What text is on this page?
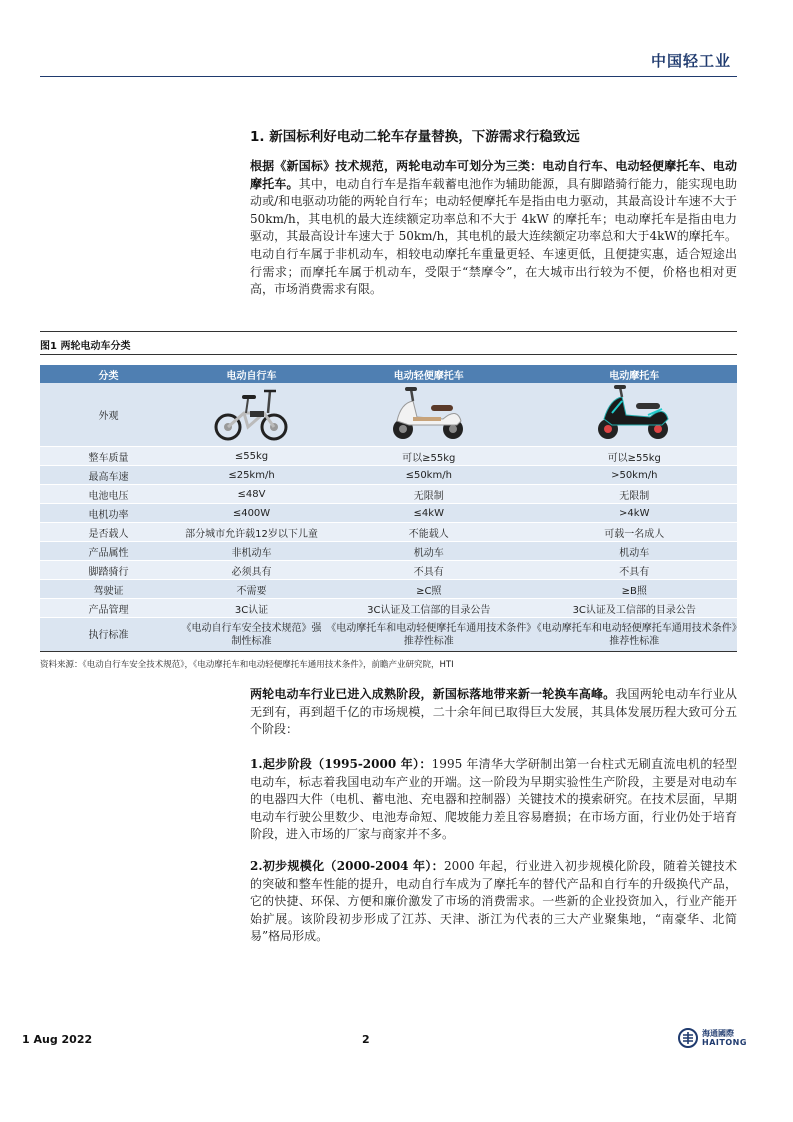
中国轻工业
1. 新国标利好电动二轮车存量替换，下游需求行稳致远
根据《新国标》技术规范，两轮电动车可划分为三类：电动自行车、电动轻便摩托车、电动摩托车。其中，电动自行车是指车载蓄电池作为辅助能源，具有脚踏骑行能力，能实现电助动或/和电驱动功能的两轮自行车；电动轻便摩托车是指由电力驱动，其最高设计车速不大于 50km/h，其电机的最大连续额定功率总和不大于 4kW 的摩托车；电动摩托车是指由电力驱动，其最高设计车速大于 50km/h，其电机的最大连续额定功率总和大于4kW的摩托车。电动自行车属于非机动车，相较电动摩托车重量更轻、车速更低，且便捷实惠，适合短途出行需求；而摩托车属于机动车，受限于“禁摩令”，在大城市出行较为不便，价格也相对更高，市场消费需求有限。
图1 两轮电动车分类
分类	电动自行车	电动轻便摩托车	电动摩托车
外观			
整车质量	≤55kg	可以≥55kg	可以≥55kg
最高车速	≤25km/h	≤50km/h	>50km/h
电池电压	≤48V	无限制	无限制
电机功率	≤400W	≤4kW	>4kW
是否载人	部分城市允许载12岁以下儿童	不能载人	可载一名成人
产品属性	非机动车	机动车	机动车
脚踏骑行	必须具有	不具有	不具有
驾驶证	不需要	≥C照	≥B照
产品管理	3C认证	3C认证及工信部的目录公告	3C认证及工信部的目录公告
执行标准	《电动自行车安全技术规范》强制性标准	《电动摩托车和电动轻便摩托车通用技术条件》推荐性标准	《电动摩托车和电动轻便摩托车通用技术条件》推荐性标准
资料来源：《电动自行车安全技术规范》，《电动摩托车和电动轻便摩托车通用技术条件》，前瞻产业研究院，HTI
两轮电动车行业已进入成熟阶段，新国标落地带来新一轮换车高峰。我国两轮电动车行业从无到有，再到超千亿的市场规模，二十余年间已取得巨大发展，其具体发展历程大致可分五个阶段：
1.起步阶段（1995-2000 年）：1995 年清华大学研制出第一台柱式无刷直流电机的轻型电动车，标志着我国电动车产业的开端。这一阶段为早期实验性生产阶段，主要是对电动车的电器四大件（电机、蓄电池、充电器和控制器）关键技术的摸索研究。在技术层面，早期电动车行驶公里数少、电池寿命短、爬坡能力差且容易磨损；在市场方面，行业仍处于培育阶段，进入市场的厂家与商家并不多。
2.初步规模化（2000-2004 年）：2000 年起，行业进入初步规模化阶段，随着关键技术的突破和整车性能的提升，电动自行车成为了摩托车的替代产品和自行车的升级换代产品，它的快捷、环保、方便和廉价激发了市场的消费需求。一些新的企业投资加入，行业产能开始扩展。该阶段初步形成了江苏、天津、浙江为代表的三大产业聚集地，“南豪华、北简易”格局形成。
1 Aug 2022	2	海通國際
HAITONG
